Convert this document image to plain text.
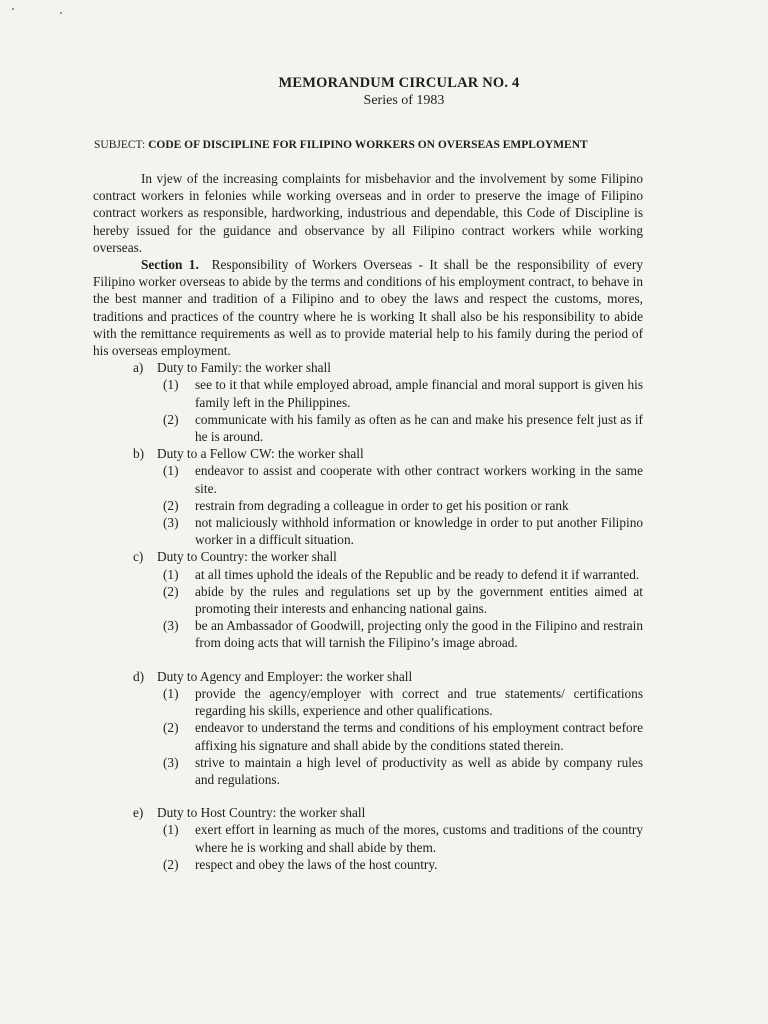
MEMORANDUM CIRCULAR NO. 4
Series of 1983
SUBJECT: CODE OF DISCIPLINE FOR FILIPINO WORKERS ON OVERSEAS EMPLOYMENT

In vjew of the increasing complaints for misbehavior and the involvement by some Filipino contract workers in felonies while working overseas and in order to preserve the image of Filipino contract workers as responsible, hardworking, industrious and dependable, this Code of Discipline is hereby issued for the guidance and observance by all Filipino contract workers while working overseas.

Section 1. Responsibility of Workers Overseas - It shall be the responsibility of every Filipino worker overseas to abide by the terms and conditions of his employment contract, to behave in the best manner and tradition of a Filipino and to obey the laws and respect the customs, mores, traditions and practices of the country where he is working It shall also be his responsibility to abide with the remittance requirements as well as to provide material help to his family during the period of his overseas employment.

a) Duty to Family: the worker shall
(1)	see to it that while employed abroad, ample financial and moral support is given his family left in the Philippines.
(2)	communicate with his family as often as he can and make his presence felt just as if he is around.
b) Duty to a Fellow CW: the worker shall
(1)	endeavor to assist and cooperate with other contract workers working in the same site.
(2)	restrain from degrading a colleague in order to get his position or rank
(3)	not maliciously withhold information or knowledge in order to put another Filipino worker in a difficult situation.
c) Duty to Country: the worker shall
(1)	at all times uphold the ideals of the Republic and be ready to defend it if warranted.
(2)	abide by the rules and regulations set up by the government entities aimed at promoting their interests and enhancing national gains.
(3)	be an Ambassador of Goodwill, projecting only the good in the Filipino and restrain from doing acts that will tarnish the Filipino’s image abroad.
d) Duty to Agency and Employer: the worker shall
(1)	provide the agency/employer with correct and true statements/ certifications regarding his skills, experience and other qualifications.
(2)	endeavor to understand the terms and conditions of his employment contract before affixing his signature and shall abide by the conditions stated therein.
(3)	strive to maintain a high level of productivity as well as abide by company rules and regulations.
e) Duty to Host Country: the worker shall
(1)	exert effort in learning as much of the mores, customs and traditions of the country where he is working and shall abide by them.
(2)	respect and obey the laws of the host country.
